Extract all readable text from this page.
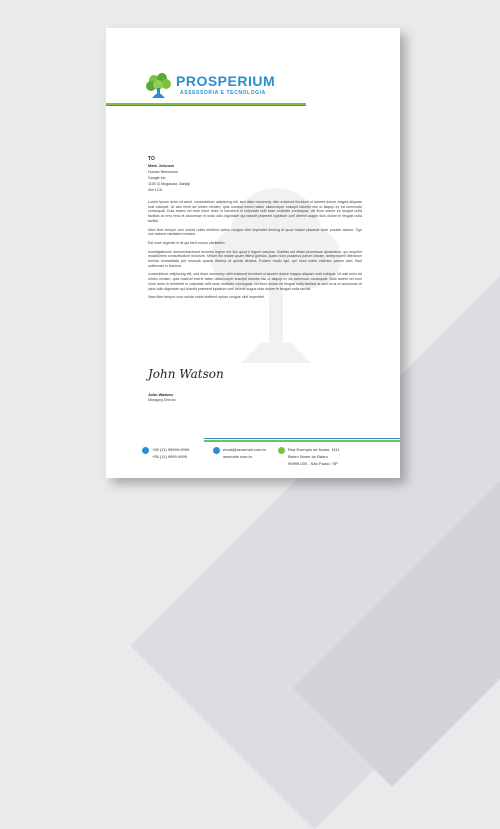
PROSPERIUM
ASSESSORIA E TECNOLOGIA
TO
Mark Jeisnew
Human Resources
Google Inc.
1100 Cl Mugacast, Ganjaji
Zim LCA

Lorem ipsum dolor sit amet, consectetuer adipiscing elit, sed diam nonummy nibh euismod tincidunt ut laoreet dolore magna aliquam erat volutpat. Ut wisi enim ad minim veniam, quis nostrud exerci tation ullamcorper suscipit lobortis nisl ut aliquip ex ea commodo consequat. Duis autem vel eum iriure dolor in hendrerit in vulputate velit esse molestie consequat, vel illum dolore eu feugiat nulla facilisis at vero eros et accumsan et iusto odio dignissim qui blandit praesent luptatum zzril delenit augue duis dolore te feugait nulla facilisi.

Nam liber tempor cum soluta nobis eleifend option congue nihil imperdiet doming id quod mazim placerat facer possim assum. Typi non habent claritatem insitam.

Est usus legentis in iis qui facit eorum claritatem.

Investigationes demonstraverunt lectores legere me lius quod ii legunt saepius. Claritas est etiam processus dynamicus, qui sequitur mutationem consuetudium lectorum. Mirum est notare quam littera gothica, quam nunc putamus parum claram, anteposuerit litterarum formas humanitatis per seacula quarta decima et quinta decima. Eodem modo typi, qui nunc nobis videntur parum clari, fiant sollemnes in futurum.

consectetuer adipiscing elit, sed diam nonummy nibh euismod tincidunt ut laoreet dolore magna aliquam erat volutpat. Ut wisi enim ad minim veniam, quis nostrud exerci tation ullamcorper suscipit lobortis nisl ut aliquip ex ea commodo consequat. Duis autem vel eum iriure dolor in hendrerit in vulputate velit esse molestie consequat, vel illum dolore eu feugiat nulla facilisis at vero eros et accumsan et iusto odio dignissim qui blandit praesent luptatum zzril delenit augue duis dolore te feugait nulla facilisi.

Nam liber tempor cum soluta nobis eleifend option congue nihil imperdiet.

John Watson
John Watson
Managing Director
+55 (11) 99999-9999
+55 (11) 9999-9999
email@seuemail.com.br
www.site.com.br
Rua Exemplo de Nome, 1111
Bairro Nome do Bairro
99999-000 - São Paulo / SP
